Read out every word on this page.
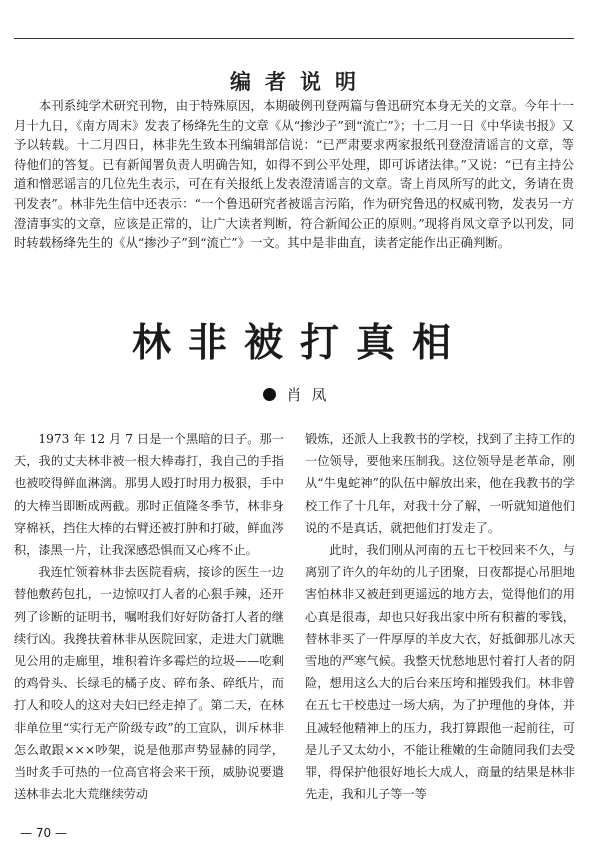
编者说明

本刊系纯学术研究刊物，由于特殊原因，本期破例刊登两篇与鲁迅研究本身无关的文章。今年十一月十九日，《南方周末》发表了杨绛先生的文章《从“掺沙子”到“流亡”》；十二月一日《中华读书报》又予以转载。十二月四日，林非先生致本刊编辑部信说：“已严肃要求两家报纸刊登澄清谣言的文章，等待他们的答复。已有新闻署负责人明确告知，如得不到公平处理，即可诉诸法律。”又说：“已有主持公道和憎恶谣言的几位先生表示，可在有关报纸上发表澄清谣言的文章。寄上肖凤所写的此文，务请在贵刊发表”。林非先生信中还表示：“一个鲁迅研究者被谣言污陷，作为研究鲁迅的权威刊物，发表另一方澄清事实的文章，应该是正常的，让广大读者判断，符合新闻公正的原则。”现将肖凤文章予以刊发，同时转载杨绛先生的《从“掺沙子”到“流亡”》一文。其中是非曲直，读者定能作出正确判断。

林非被打真相
肖凤

1973 年 12 月 7 日是一个黑暗的日子。那一天，我的丈夫林非被一根大棒毒打，我自己的手指也被咬得鲜血淋漓。那男人殴打时用力极狠，手中的大棒当即断成两截。那时正值隆冬季节，林非身穿棉袄，挡住大棒的右臂还被打肿和打破，鲜血涔积，漆黑一片，让我深感恐惧而又心疼不止。

我连忙领着林非去医院看病，接诊的医生一边替他敷药包扎，一边惊叹打人者的心狠手辣，还开列了诊断的证明书，嘱咐我们好好防备打人者的继续行凶。我搀扶着林非从医院回家，走进大门就瞧见公用的走廊里，堆积着许多霉烂的垃圾——吃剩的鸡骨头、长绿毛的橘子皮、碎布条、碎纸片，而打人和咬人的这对夫妇已经走掉了。第二天，在林非单位里“实行无产阶级专政”的工宣队，训斥林非怎么敢跟×××吵架，说是他那声势显赫的同学，当时炙手可热的一位高官将会来干预，威胁说要遣送林非去北大荒继续劳动

锻炼，还派人上我教书的学校，找到了主持工作的一位领导，要他来压制我。这位领导是老革命，刚从“牛鬼蛇神”的队伍中解放出来，他在我教书的学校工作了十几年，对我十分了解，一听就知道他们说的不是真话，就把他们打发走了。

此时，我们刚从河南的五七干校回来不久，与离别了许久的年幼的儿子团聚，日夜都提心吊胆地害怕林非又被赶到更遥远的地方去，觉得他们的用心真是很毒，却也只好我出家中所有积蓄的零钱，替林非买了一件厚厚的羊皮大衣，好抵御那儿冰天雪地的严寒气候。我整天忧愁地思忖着打人者的阴险，想用这么大的后台来压垮和摧毁我们。林非曾在五七干校患过一场大病，为了护理他的身体，并且减轻他精神上的压力，我打算跟他一起前往，可是儿子又太幼小，不能让稚嫩的生命随同我们去受罪，得保护他很好地长大成人，商量的结果是林非先走，我和儿子等一等

— 70 —
